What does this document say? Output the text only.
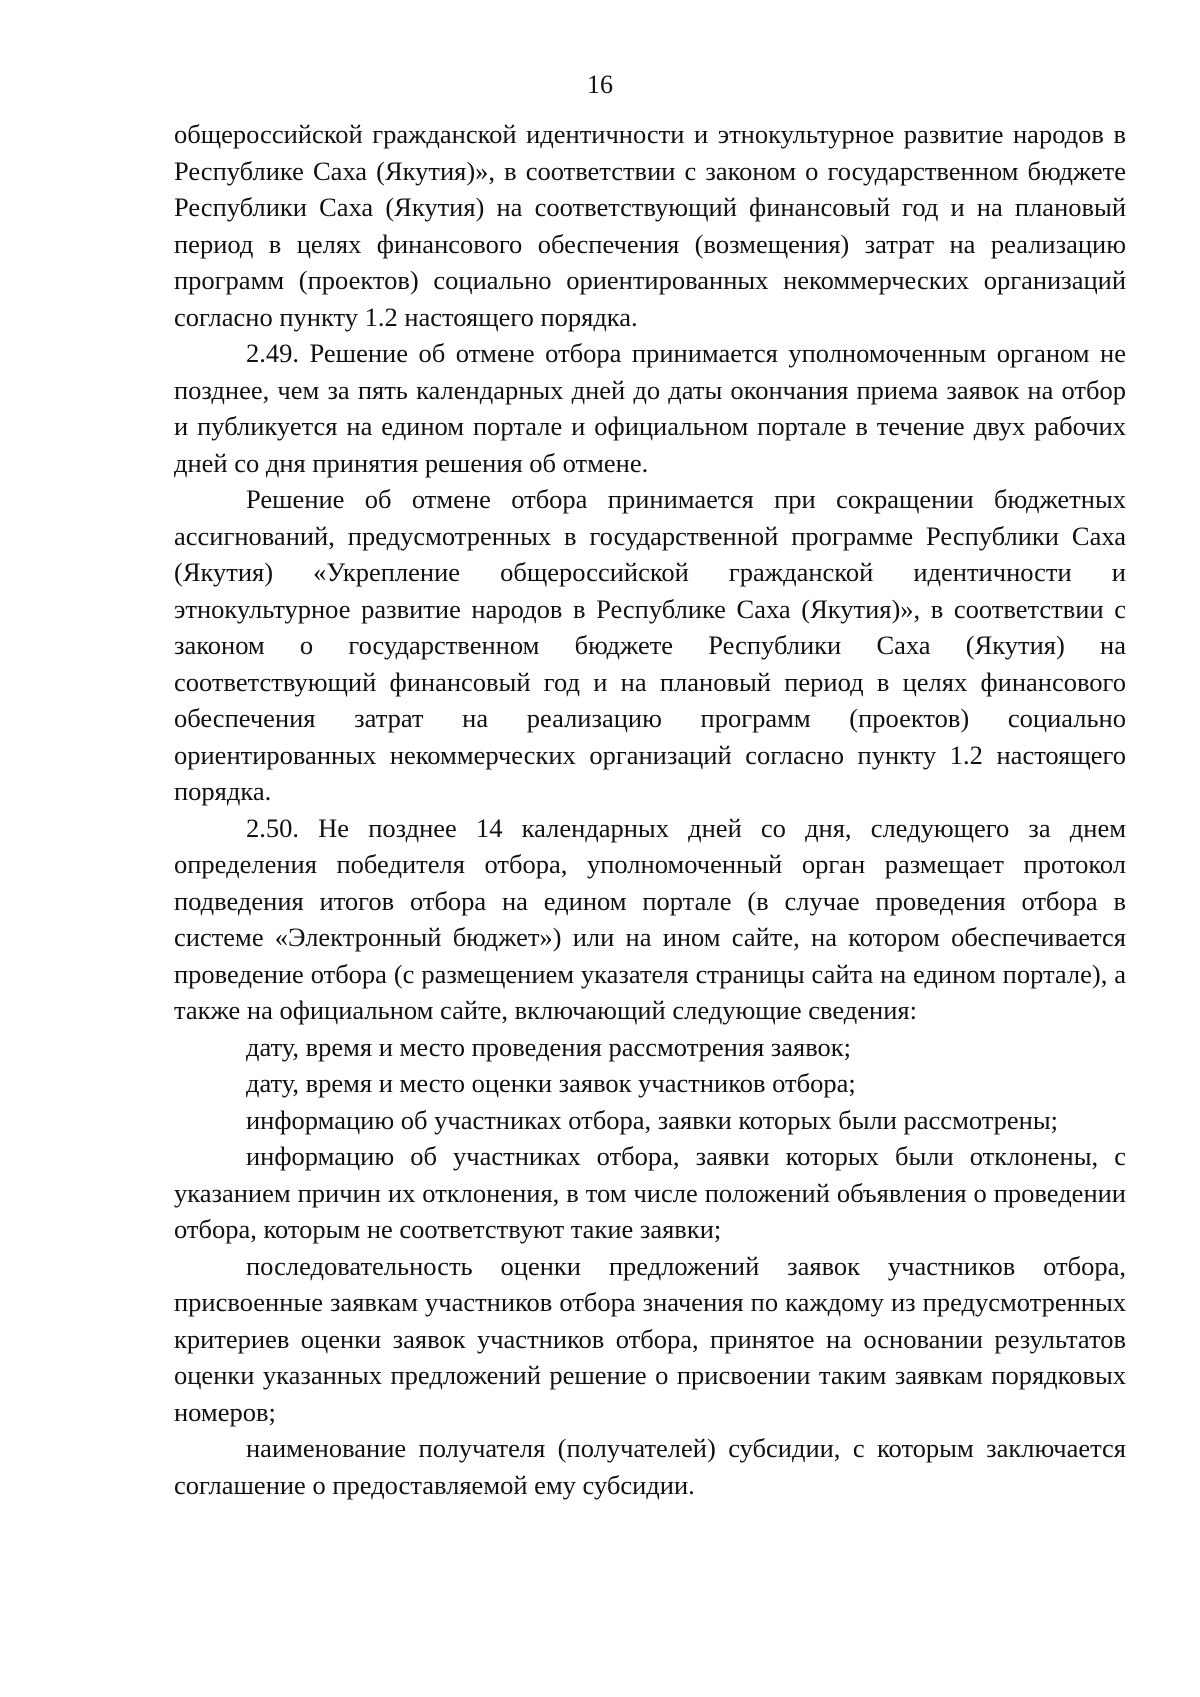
16

общероссийской гражданской идентичности и этнокультурное развитие народов в Республике Саха (Якутия)», в соответствии с законом о государственном бюджете Республики Саха (Якутия) на соответствующий финансовый год и на плановый период в целях финансового обеспечения (возмещения) затрат на реализацию программ (проектов) социально ориентированных некоммерческих организаций согласно пункту 1.2 настоящего порядка.

2.49. Решение об отмене отбора принимается уполномоченным органом не позднее, чем за пять календарных дней до даты окончания приема заявок на отбор и публикуется на едином портале и официальном портале в течение двух рабочих дней со дня принятия решения об отмене.

Решение об отмене отбора принимается при сокращении бюджетных ассигнований, предусмотренных в государственной программе Республики Саха (Якутия) «Укрепление общероссийской гражданской идентичности и этнокультурное развитие народов в Республике Саха (Якутия)», в соответствии с законом о государственном бюджете Республики Саха (Якутия) на соответствующий финансовый год и на плановый период в целях финансового обеспечения затрат на реализацию программ (проектов) социально ориентированных некоммерческих организаций согласно пункту 1.2 настоящего порядка.

2.50. Не позднее 14 календарных дней со дня, следующего за днем определения победителя отбора, уполномоченный орган размещает протокол подведения итогов отбора на едином портале (в случае проведения отбора в системе «Электронный бюджет») или на ином сайте, на котором обеспечивается проведение отбора (с размещением указателя страницы сайта на едином портале), а также на официальном сайте, включающий следующие сведения:

дату, время и место проведения рассмотрения заявок;

дату, время и место оценки заявок участников отбора;

информацию об участниках отбора, заявки которых были рассмотрены;

информацию об участниках отбора, заявки которых были отклонены, с указанием причин их отклонения, в том числе положений объявления о проведении отбора, которым не соответствуют такие заявки;

последовательность оценки предложений заявок участников отбора, присвоенные заявкам участников отбора значения по каждому из предусмотренных критериев оценки заявок участников отбора, принятое на основании результатов оценки указанных предложений решение о присвоении таким заявкам порядковых номеров;

наименование получателя (получателей) субсидии, с которым заключается соглашение о предоставляемой ему субсидии.
